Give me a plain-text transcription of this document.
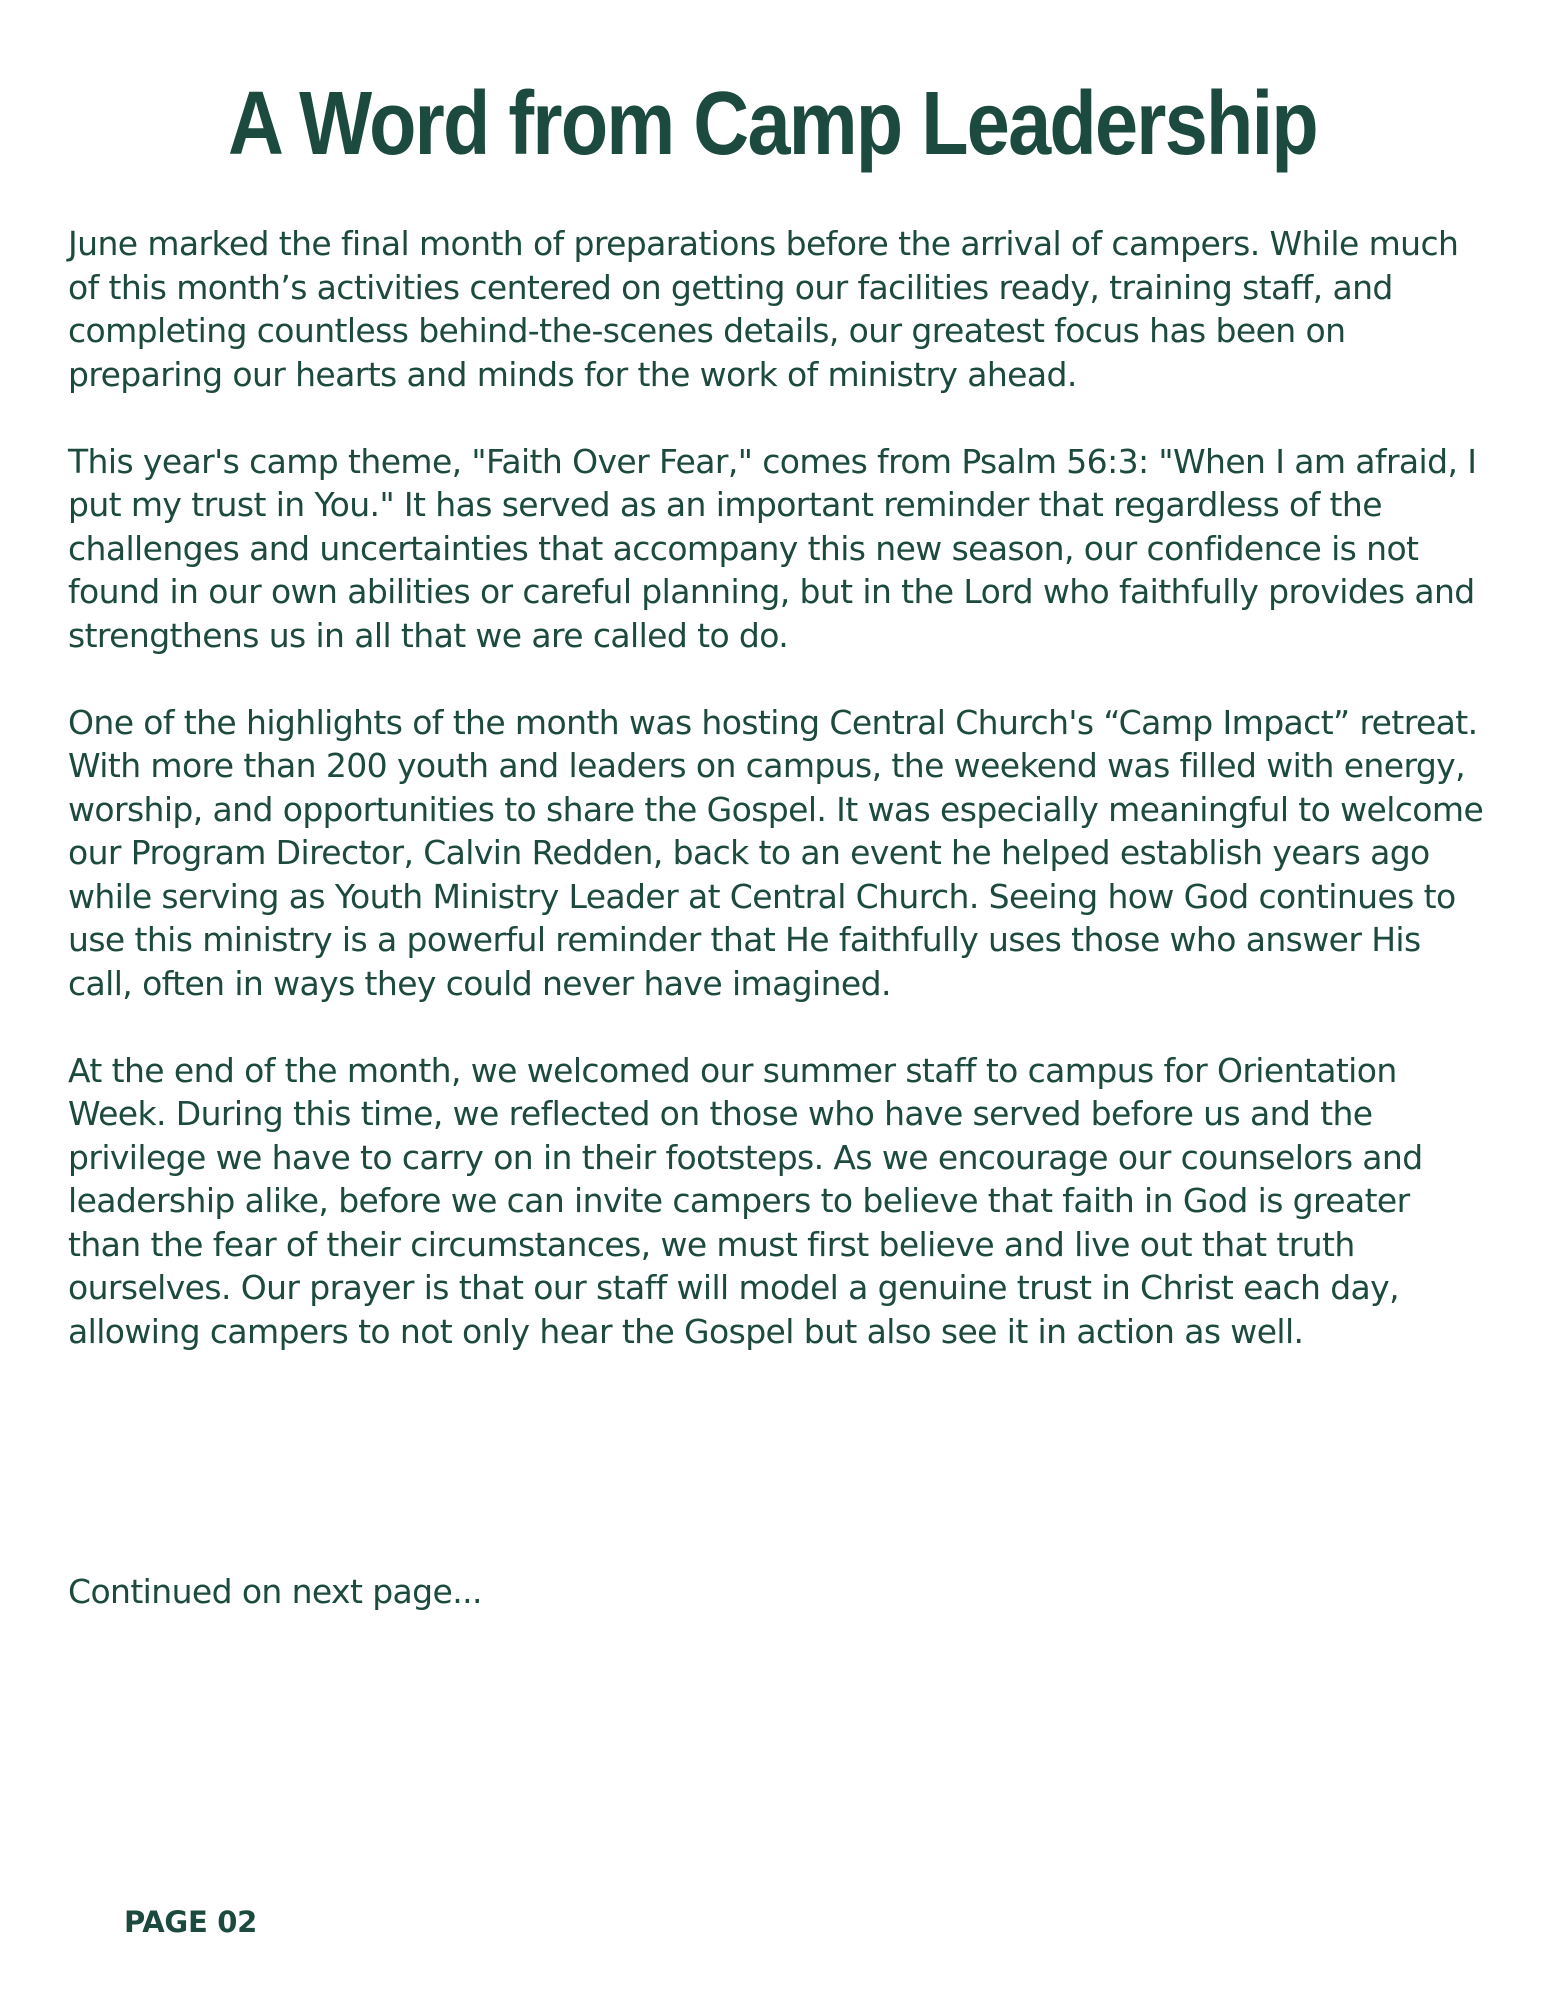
A Word from Camp Leadership

June marked the final month of preparations before the arrival of campers. While much of this month’s activities centered on getting our facilities ready, training staff, and completing countless behind-the-scenes details, our greatest focus has been on preparing our hearts and minds for the work of ministry ahead.

This year's camp theme, "Faith Over Fear," comes from Psalm 56:3: "When I am afraid, I put my trust in You." It has served as an important reminder that regardless of the challenges and uncertainties that accompany this new season, our confidence is not found in our own abilities or careful planning, but in the Lord who faithfully provides and strengthens us in all that we are called to do.

One of the highlights of the month was hosting Central Church's “Camp Impact” retreat. With more than 200 youth and leaders on campus, the weekend was filled with energy, worship, and opportunities to share the Gospel. It was especially meaningful to welcome our Program Director, Calvin Redden, back to an event he helped establish years ago while serving as Youth Ministry Leader at Central Church. Seeing how God continues to use this ministry is a powerful reminder that He faithfully uses those who answer His call, often in ways they could never have imagined.

At the end of the month, we welcomed our summer staff to campus for Orientation Week. During this time, we reflected on those who have served before us and the privilege we have to carry on in their footsteps. As we encourage our counselors and leadership alike, before we can invite campers to believe that faith in God is greater than the fear of their circumstances, we must first believe and live out that truth ourselves. Our prayer is that our staff will model a genuine trust in Christ each day, allowing campers to not only hear the Gospel but also see it in action as well.

Continued on next page...
PAGE 02
